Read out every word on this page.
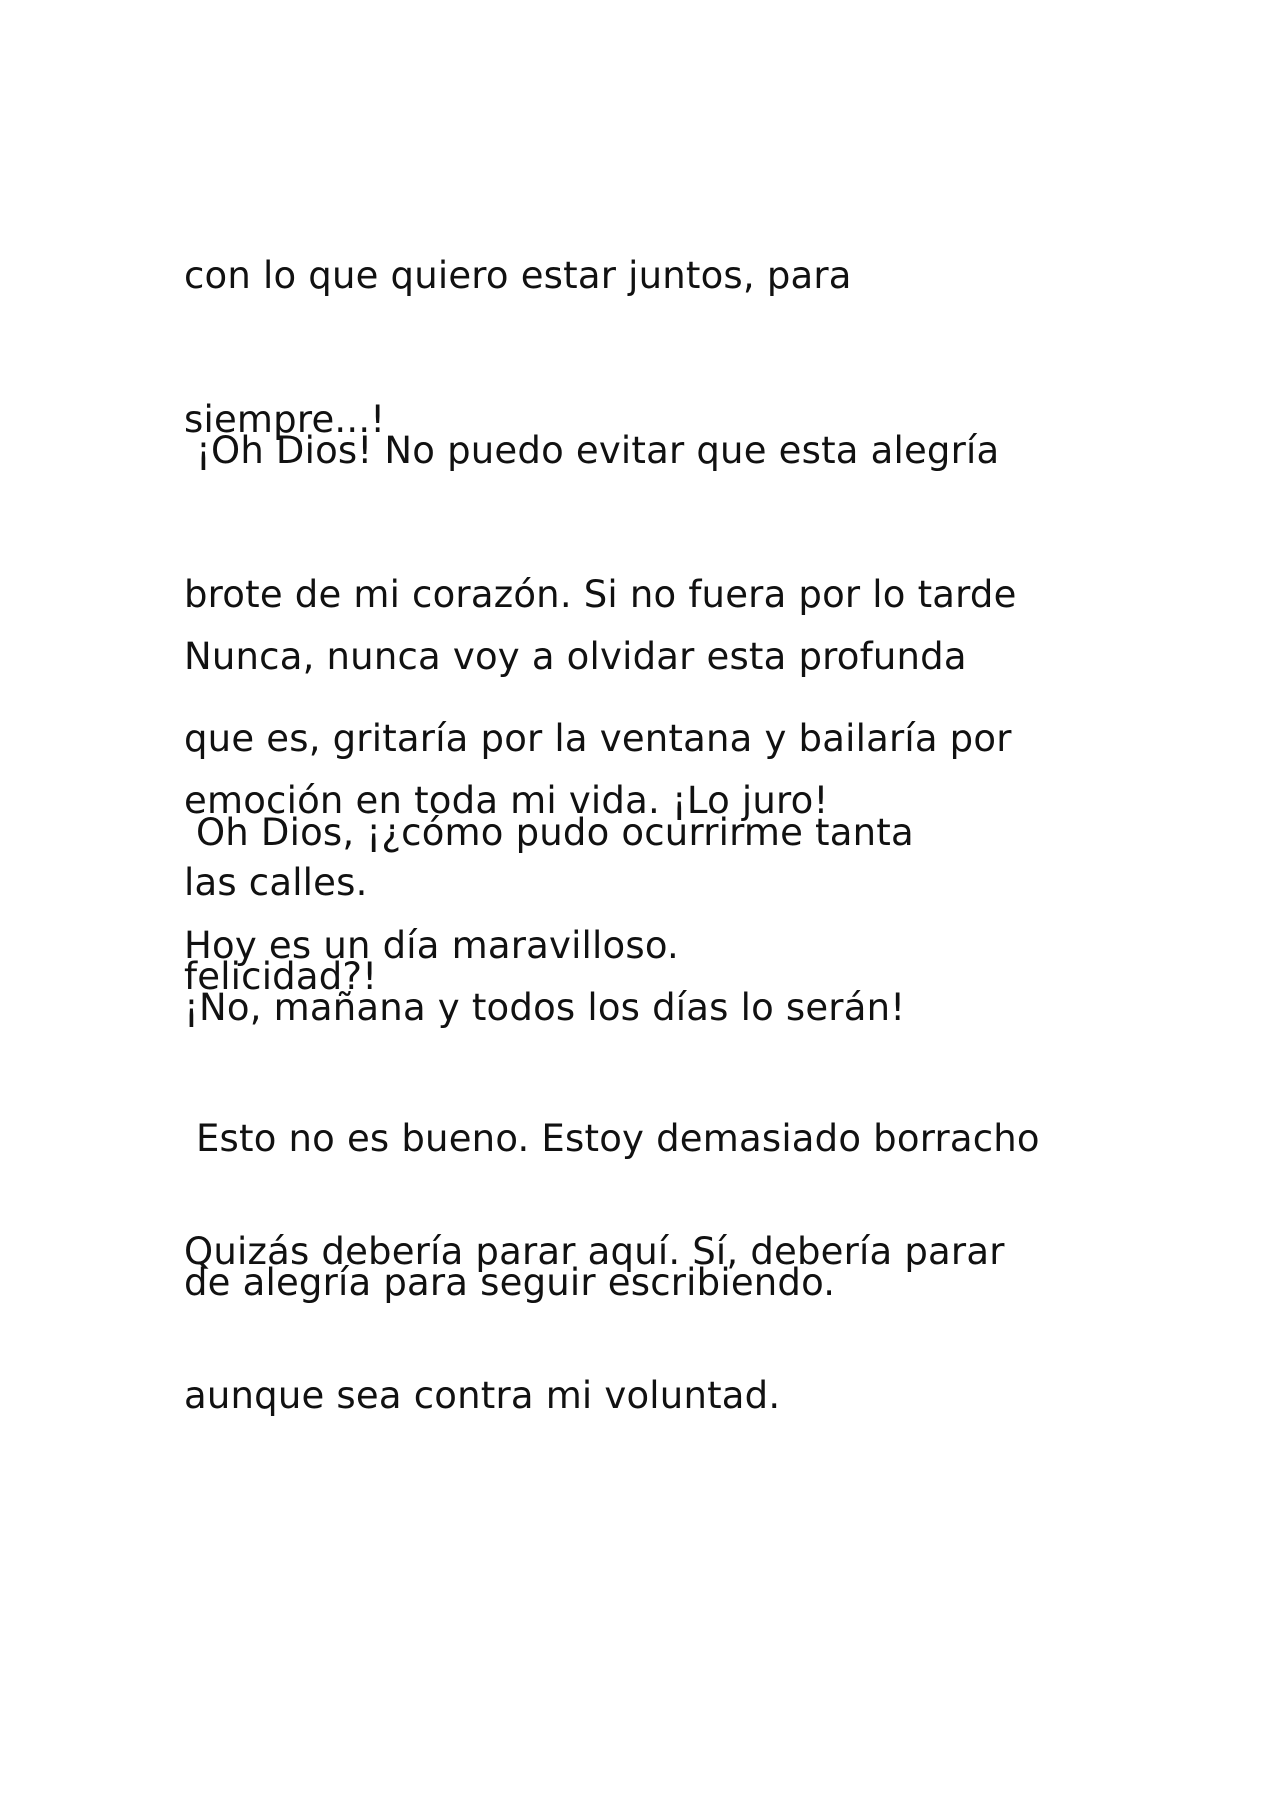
con lo que quiero estar juntos, para

siempre...!

¡Oh Dios! No puedo evitar que esta alegría

brote de mi corazón. Si no fuera por lo tarde

que es, gritaría por la ventana y bailaría por

las calles.

Nunca, nunca voy a olvidar esta profunda

emoción en toda mi vida. ¡Lo juro!

Oh Dios, ¡¿cómo pudo ocurrirme tanta

felicidad?!

Hoy es un día maravilloso.

¡No, mañana y todos los días lo serán!

Esto no es bueno. Estoy demasiado borracho

de alegría para seguir escribiendo.

Quizás debería parar aquí. Sí, debería parar

aunque sea contra mi voluntad.
